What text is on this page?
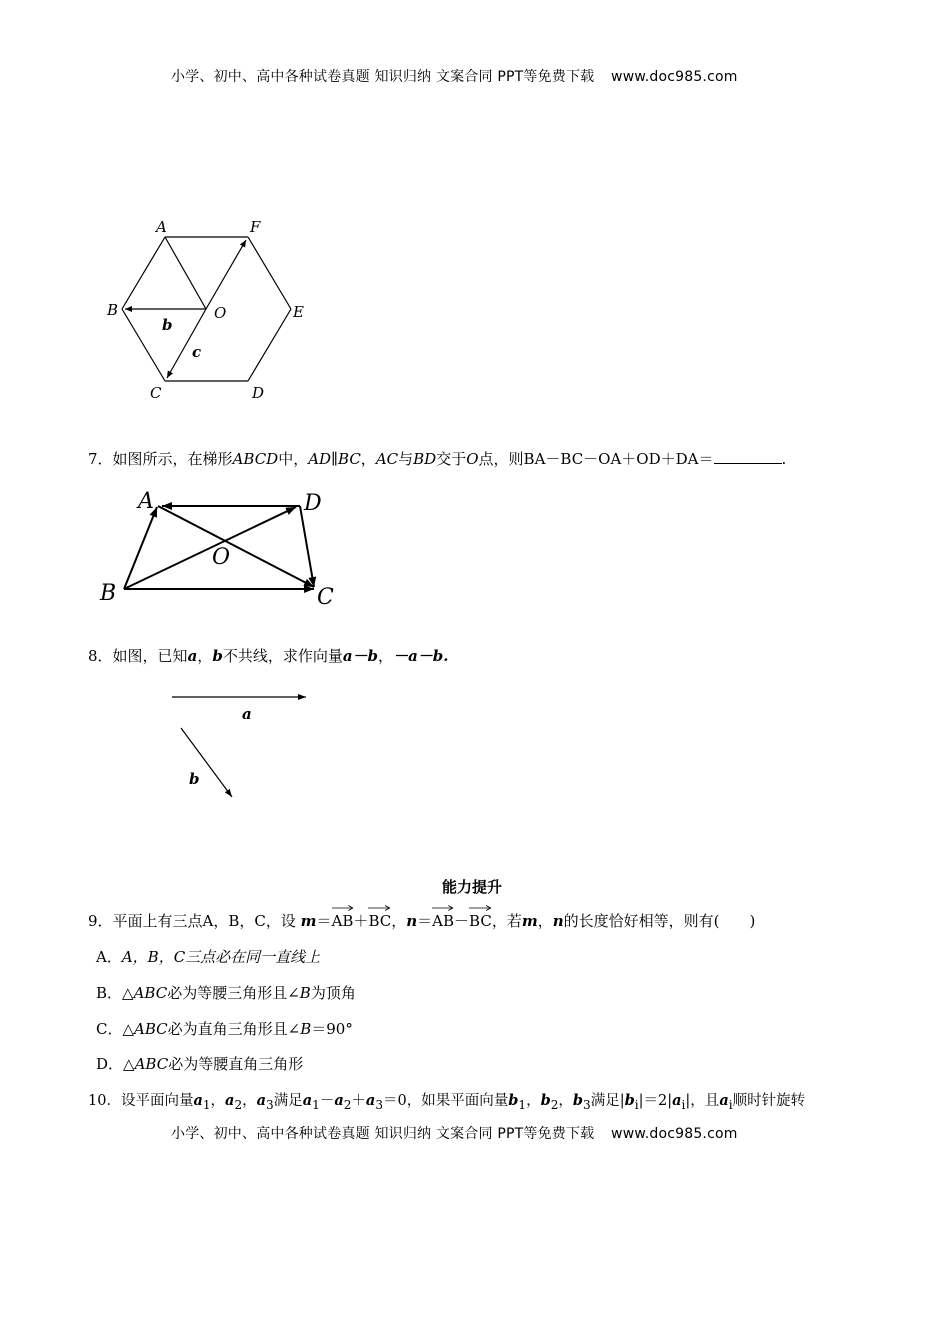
小学、初中、高中各种试卷真题 知识归纳 文案合同 PPT等免费下载 www.doc985.com
A	F
B	O	E
C	D
b
c
7．如图所示，在梯形ABCD中，AD∥BC，AC与BD交于O点，则BA－BC－OA＋OD＋DA＝	.
A	D
O
B	C
8．如图，已知a，b不共线，求作向量a－b，－a－b.
a
b
能力提升
9．平面上有三点A，B，C，设 m＝
AB＋
BC，n＝
AB－
BC，若m，n的长度恰好相等，则有(　　)
A．A，B，C三点必在同一直线上
B．△ABC必为等腰三角形且∠B为顶角
C．△ABC必为直角三角形且∠B＝90°
D．△ABC必为等腰直角三角形
10．设平面向量$a_1$，$a_2$，$a_3$满足$a_1-a_2+a_3=0$，如果平面向量$b_1$，$b_2$，$b_3$满足$|b_i|=2|a_i|$，且$a_i$顺时针旋转
小学、初中、高中各种试卷真题 知识归纳 文案合同 PPT等免费下载 www.doc985.com
